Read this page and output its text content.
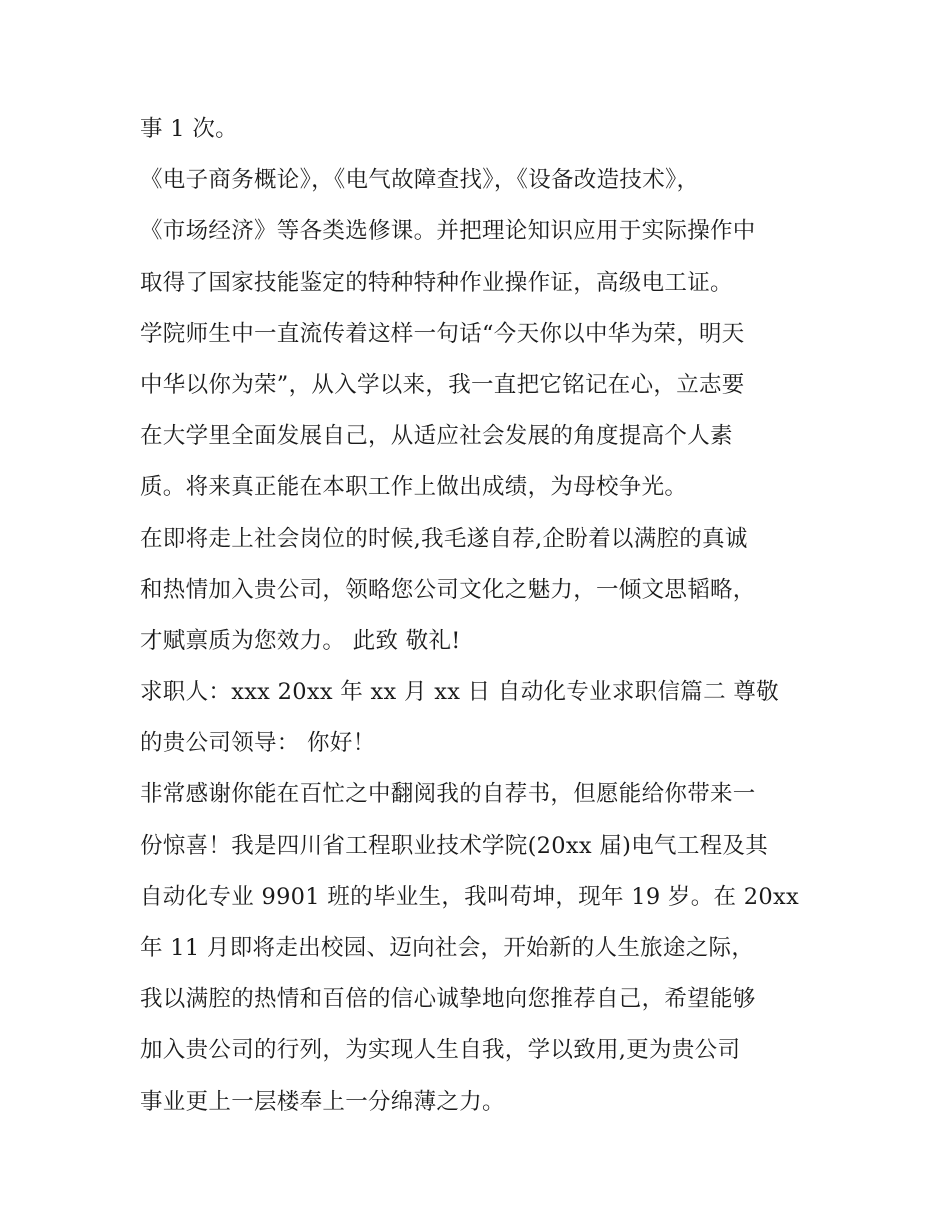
事 1 次。
《电子商务概论》，《电气故障查找》，《设备改造技术》，
《市场经济》等各类选修课。并把理论知识应用于实际操作中
取得了国家技能鉴定的特种特种作业操作证，高级电工证。
学院师生中一直流传着这样一句话“今天你以中华为荣，明天
中华以你为荣”，从入学以来，我一直把它铭记在心，立志要
在大学里全面发展自己，从适应社会发展的角度提高个人素
质。将来真正能在本职工作上做出成绩，为母校争光。
在即将走上社会岗位的时候,我毛遂自荐,企盼着以满腔的真诚
和热情加入贵公司，领略您公司文化之魅力，一倾文思韬略，
才赋禀质为您效力。 此致 敬礼!
求职人：xxx 20xx 年 xx 月 xx 日 自动化专业求职信篇二 尊敬
的贵公司领导： 你好！
非常感谢你能在百忙之中翻阅我的自荐书，但愿能给你带来一
份惊喜！我是四川省工程职业技术学院(20xx 届)电气工程及其
自动化专业 9901 班的毕业生，我叫苟坤，现年 19 岁。在 20xx
年 11 月即将走出校园、迈向社会，开始新的人生旅途之际，
我以满腔的热情和百倍的信心诚挚地向您推荐自己，希望能够
加入贵公司的行列，为实现人生自我，学以致用,更为贵公司
事业更上一层楼奉上一分绵薄之力。
